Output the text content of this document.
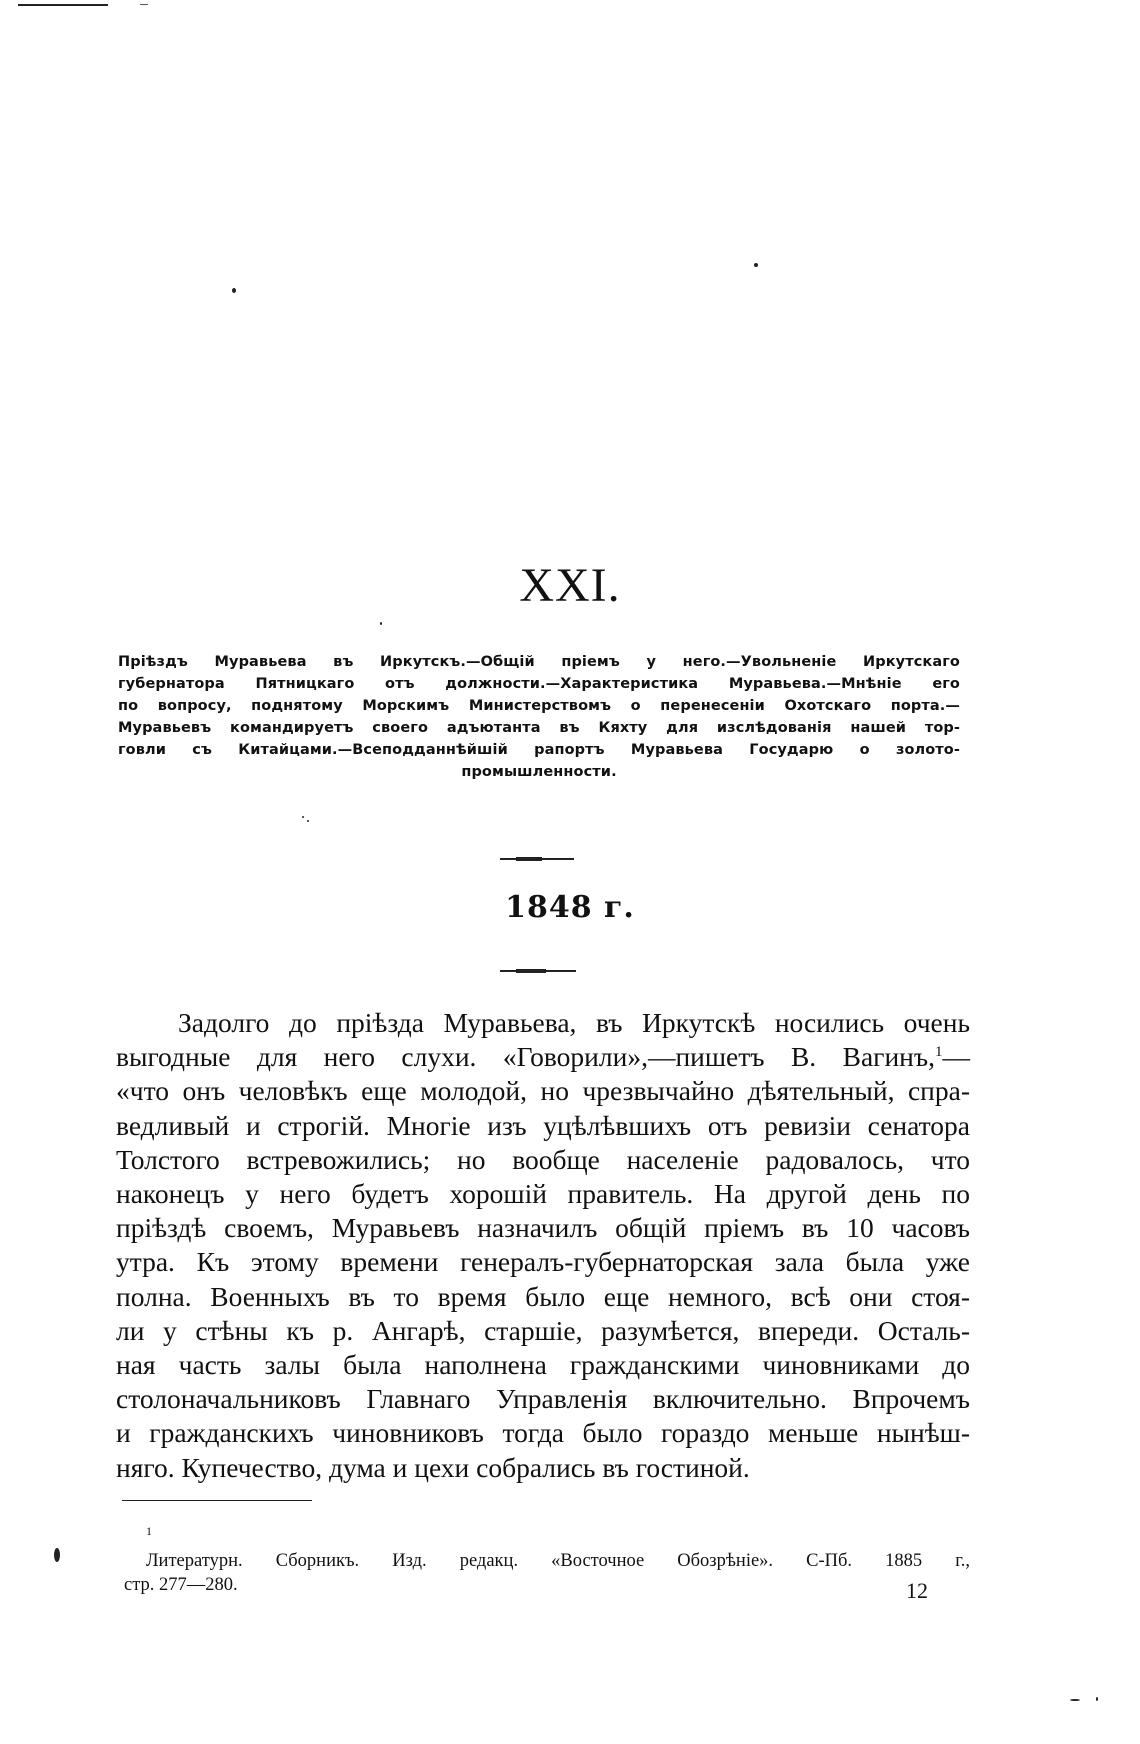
XXI.
Пріѣздъ Муравьева въ Иркутскъ.—Общій пріемъ у него.—Увольненіе Иркутскаго
губернатора Пятницкаго отъ должности.—Характеристика Муравьева.—Мнѣніе его
по вопросу, поднятому Морскимъ Министерствомъ о перенесеніи Охотскаго порта.—
Муравьевъ командируетъ своего адъютанта въ Кяхту для изслѣдованія нашей тор-
говли съ Китайцами.—Всеподданнѣйшій рапортъ Муравьева Государю о золото-
промышленности.
1848 г.
Задолго до пріѣзда Муравьева, въ Иркутскѣ носились очень
выгодные для него слухи. «Говорили»,—пишетъ В. Вагинъ,$^1$—
«что онъ человѣкъ еще молодой, но чрезвычайно дѣятельный, спра-
ведливый и строгій. Многіе изъ уцѣлѣвшихъ отъ ревизіи сенатора
Толстого встревожились; но вообще населеніе радовалось, что
наконецъ у него будетъ хорошій правитель. На другой день по
пріѣздѣ своемъ, Муравьевъ назначилъ общій пріемъ въ 10 часовъ
утра. Къ этому времени генералъ-губернаторская зала была уже
полна. Военныхъ въ то время было еще немного, всѣ они стоя-
ли у стѣны къ р. Ангарѣ, старшіе, разумѣется, впереди. Осталь-
ная часть залы была наполнена гражданскими чиновниками до
столоначальниковъ Главнаго Управленія включительно. Впрочемъ
и гражданскихъ чиновниковъ тогда было гораздо меньше нынѣш-
няго. Купечество, дума и цехи собрались въ гостиной.
1
Литературн. Сборникъ. Изд. редакц. «Восточное Обозрѣніе». С-Пб. 1885 г.,
стр. 277—280.	12
